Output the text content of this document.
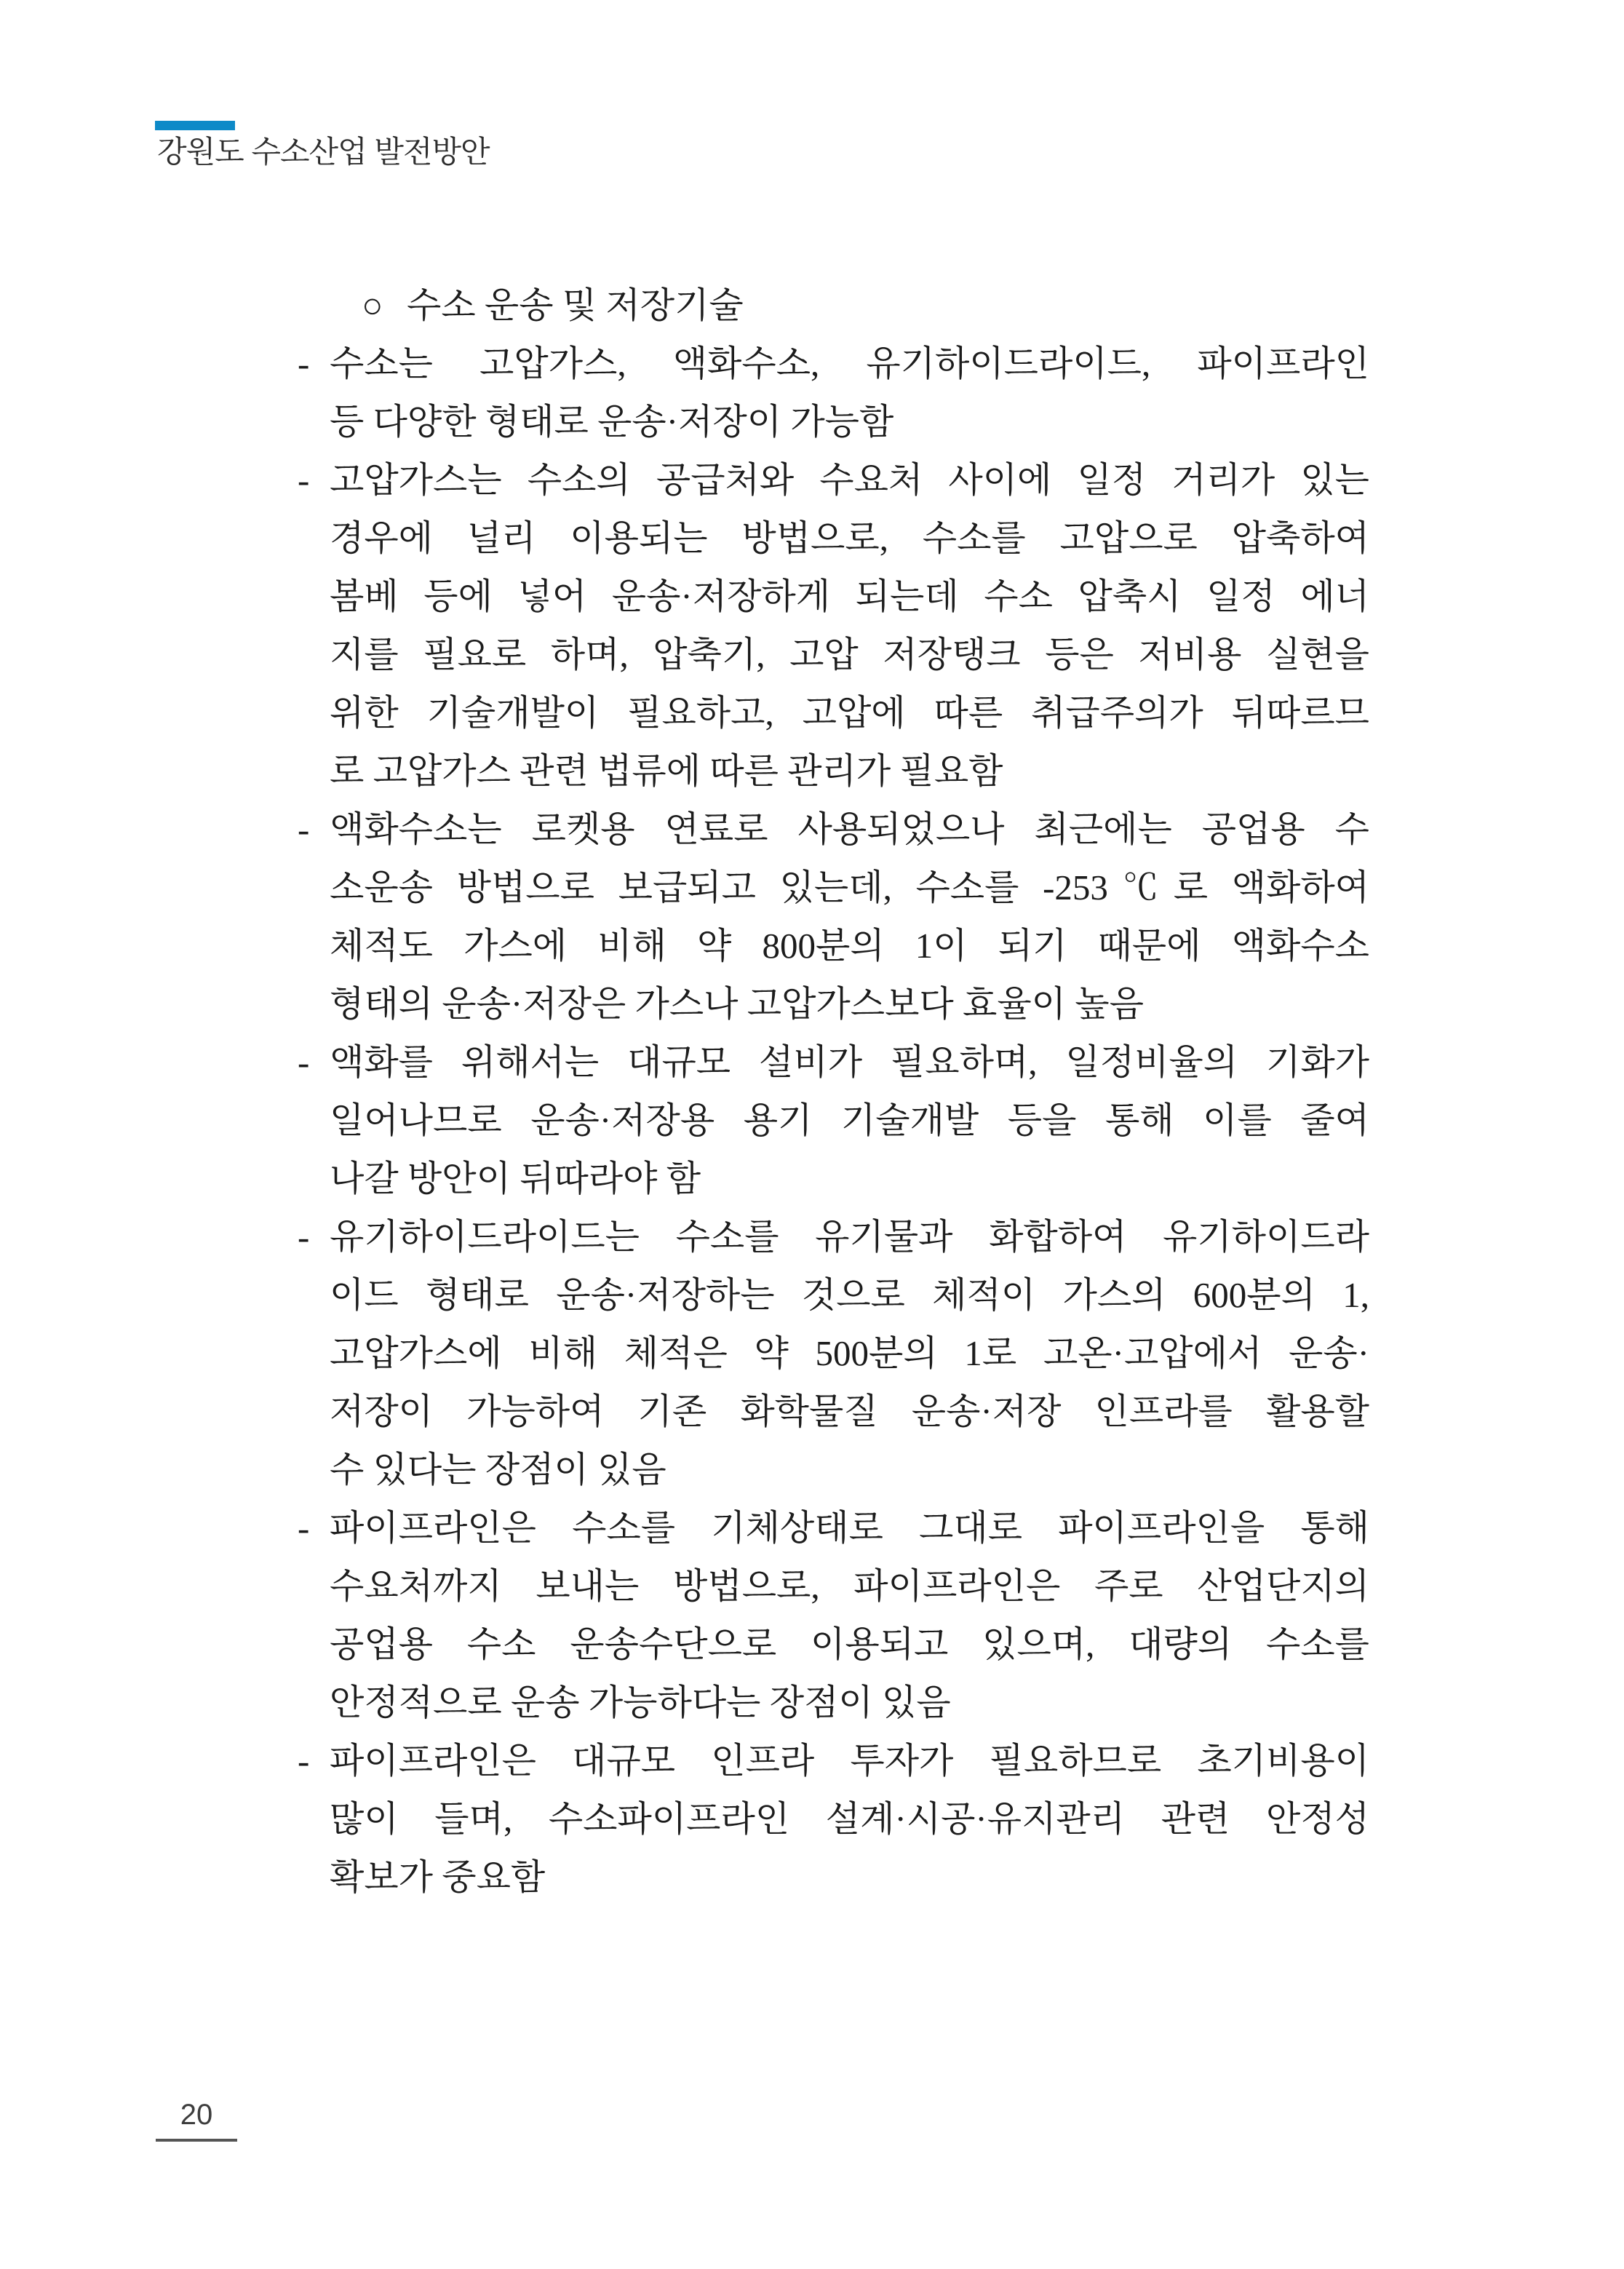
강원도 수소산업 발전방안
○ 수소 운송 및 저장기술
- 수소는 고압가스, 액화수소, 유기하이드라이드, 파이프라인
등 다양한 형태로 운송·저장이 가능함
- 고압가스는 수소의 공급처와 수요처 사이에 일정 거리가 있는
경우에 널리 이용되는 방법으로, 수소를 고압으로 압축하여
봄베 등에 넣어 운송·저장하게 되는데 수소 압축시 일정 에너
지를 필요로 하며, 압축기, 고압 저장탱크 등은 저비용 실현을
위한 기술개발이 필요하고, 고압에 따른 취급주의가 뒤따르므
로 고압가스 관련 법류에 따른 관리가 필요함
- 액화수소는 로켓용 연료로 사용되었으나 최근에는 공업용 수
소운송 방법으로 보급되고 있는데, 수소를 -253℃로 액화하여
체적도 가스에 비해 약 800분의 1이 되기 때문에 액화수소
형태의 운송·저장은 가스나 고압가스보다 효율이 높음
- 액화를 위해서는 대규모 설비가 필요하며, 일정비율의 기화가
일어나므로 운송·저장용 용기 기술개발 등을 통해 이를 줄여
나갈 방안이 뒤따라야 함
- 유기하이드라이드는 수소를 유기물과 화합하여 유기하이드라
이드 형태로 운송·저장하는 것으로 체적이 가스의 600분의 1,
고압가스에 비해 체적은 약 500분의 1로 고온·고압에서 운송·
저장이 가능하여 기존 화학물질 운송·저장 인프라를 활용할
수 있다는 장점이 있음
- 파이프라인은 수소를 기체상태로 그대로 파이프라인을 통해
수요처까지 보내는 방법으로, 파이프라인은 주로 산업단지의
공업용 수소 운송수단으로 이용되고 있으며, 대량의 수소를
안정적으로 운송 가능하다는 장점이 있음
- 파이프라인은 대규모 인프라 투자가 필요하므로 초기비용이
많이 들며, 수소파이프라인 설계·시공·유지관리 관련 안정성
확보가 중요함
20
